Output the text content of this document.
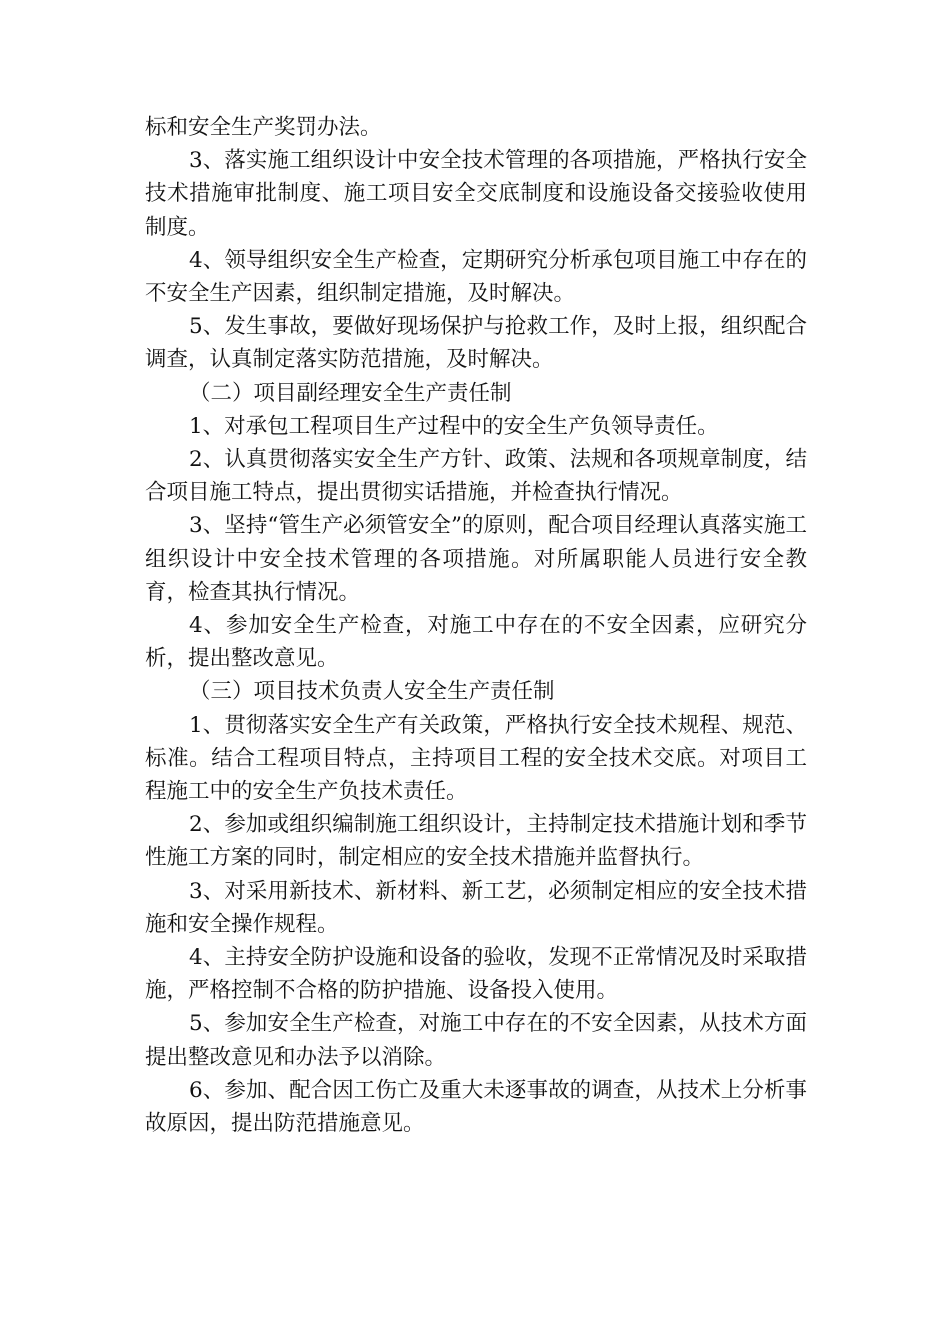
标和安全生产奖罚办法。

3、落实施工组织设计中安全技术管理的各项措施，严格执行安全技术措施审批制度、施工项目安全交底制度和设施设备交接验收使用制度。

4、领导组织安全生产检查，定期研究分析承包项目施工中存在的不安全生产因素，组织制定措施，及时解决。

5、发生事故，要做好现场保护与抢救工作，及时上报，组织配合调查，认真制定落实防范措施，及时解决。

（二）项目副经理安全生产责任制

1、对承包工程项目生产过程中的安全生产负领导责任。

2、认真贯彻落实安全生产方针、政策、法规和各项规章制度，结合项目施工特点，提出贯彻实话措施，并检查执行情况。

3、坚持“管生产必须管安全”的原则，配合项目经理认真落实施工组织设计中安全技术管理的各项措施。对所属职能人员进行安全教育，检查其执行情况。

4、参加安全生产检查，对施工中存在的不安全因素，应研究分析，提出整改意见。

（三）项目技术负责人安全生产责任制

1、贯彻落实安全生产有关政策，严格执行安全技术规程、规范、标准。结合工程项目特点，主持项目工程的安全技术交底。对项目工程施工中的安全生产负技术责任。

2、参加或组织编制施工组织设计，主持制定技术措施计划和季节性施工方案的同时，制定相应的安全技术措施并监督执行。

3、对采用新技术、新材料、新工艺，必须制定相应的安全技术措施和安全操作规程。

4、主持安全防护设施和设备的验收，发现不正常情况及时采取措施，严格控制不合格的防护措施、设备投入使用。

5、参加安全生产检查，对施工中存在的不安全因素，从技术方面提出整改意见和办法予以消除。

6、参加、配合因工伤亡及重大未逐事故的调查，从技术上分析事故原因，提出防范措施意见。
